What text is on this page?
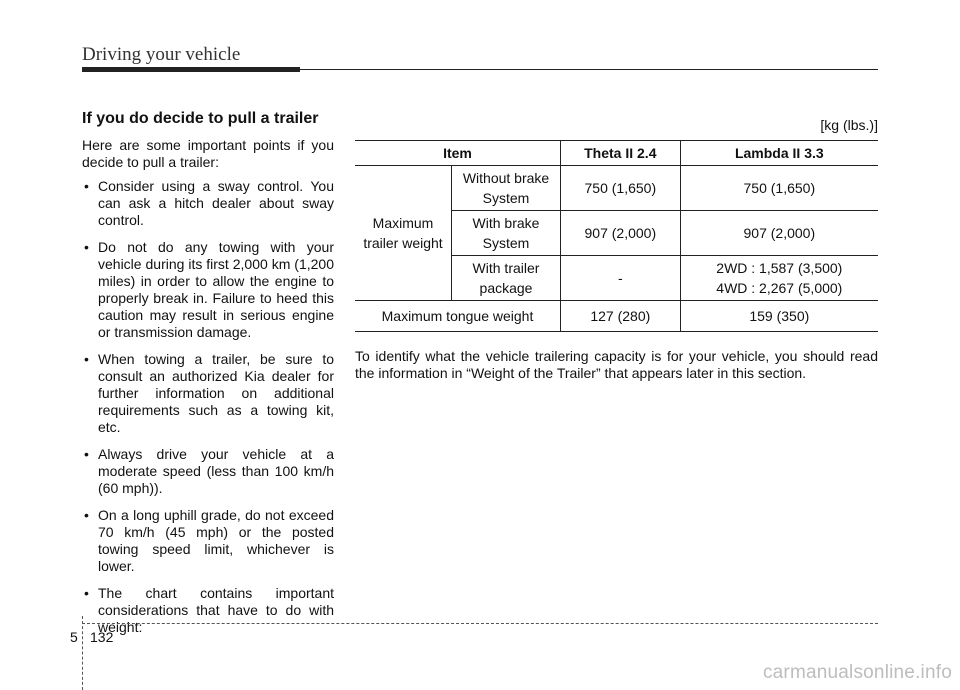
Driving your vehicle
If you do decide to pull a trailer

Here are some important points if you decide to pull a trailer:

• Consider using a sway control. You can ask a hitch dealer about sway control.
• Do not do any towing with your vehicle during its first 2,000 km (1,200 miles) in order to allow the engine to properly break in. Failure to heed this caution may result in serious engine or transmission damage.
• When towing a trailer, be sure to consult an authorized Kia dealer for further information on additional requirements such as a towing kit, etc.
• Always drive your vehicle at a moderate speed (less than 100 km/h (60 mph)).
• On a long uphill grade, do not exceed 70 km/h (45 mph) or the posted towing speed limit, whichever is lower.
• The chart contains important considerations that have to do with weight:
[kg (lbs.)]
Item		Theta II 2.4	Lambda II 3.3
Maximum trailer weight	Without brake System	750 (1,650)	750 (1,650)
	With brake System	907 (2,000)	907 (2,000)
	With trailer package	-	2WD : 1,587 (3,500)
4WD : 2,267 (5,000)

Maximum tongue weight		127 (280)	159 (350)

To identify what the vehicle trailering capacity is for your vehicle, you should read the information in “Weight of the Trailer” that appears later in this section.

5 132
carmanualsonline.info
